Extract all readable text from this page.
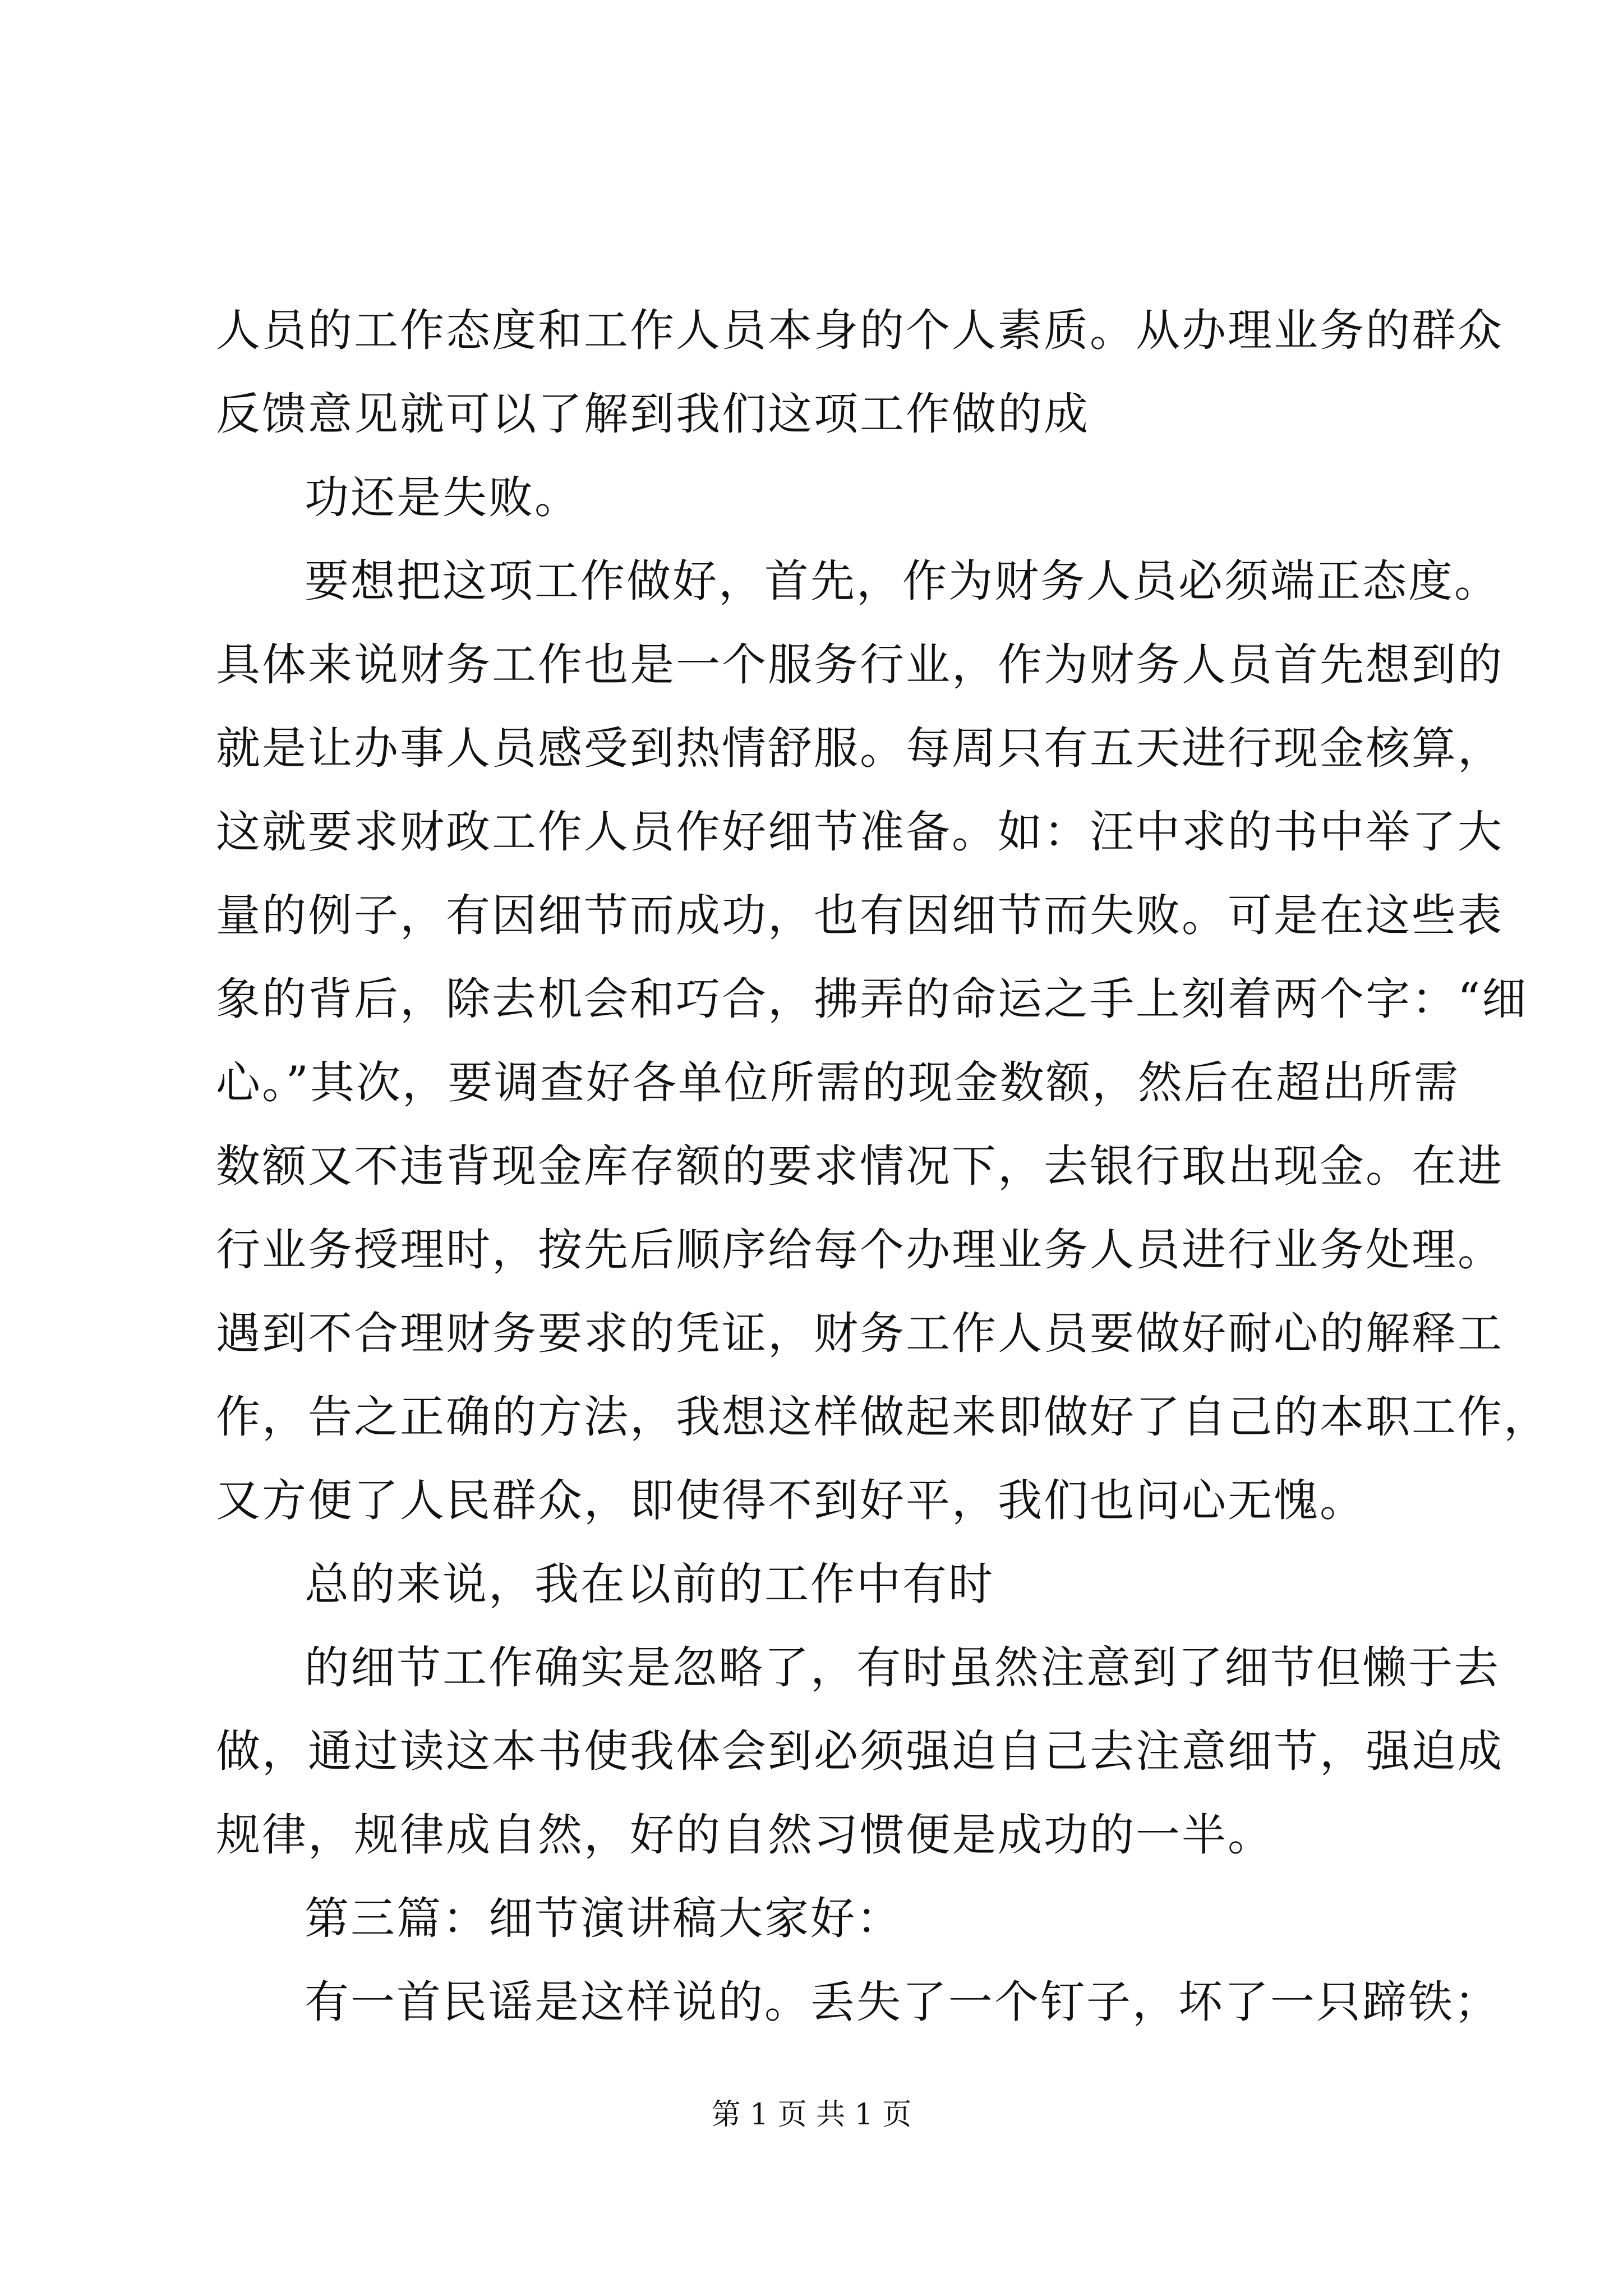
人员的工作态度和工作人员本身的个人素质。从办理业务的群众
反馈意见就可以了解到我们这项工作做的成
功还是失败。
要想把这项工作做好，首先，作为财务人员必须端正态度。
具体来说财务工作也是一个服务行业，作为财务人员首先想到的
就是让办事人员感受到热情舒服。每周只有五天进行现金核算，
这就要求财政工作人员作好细节准备。如：汪中求的书中举了大
量的例子，有因细节而成功，也有因细节而失败。可是在这些表
象的背后，除去机会和巧合，拂弄的命运之手上刻着两个字：“细
心。”其次，要调查好各单位所需的现金数额，然后在超出所需
数额又不违背现金库存额的要求情况下，去银行取出现金。在进
行业务授理时，按先后顺序给每个办理业务人员进行业务处理。
遇到不合理财务要求的凭证，财务工作人员要做好耐心的解释工
作，告之正确的方法，我想这样做起来即做好了自己的本职工作，
又方便了人民群众，即使得不到好平，我们也问心无愧。
总的来说，我在以前的工作中有时
的细节工作确实是忽略了，有时虽然注意到了细节但懒于去
做，通过读这本书使我体会到必须强迫自己去注意细节，强迫成
规律，规律成自然，好的自然习惯便是成功的一半。
第三篇：细节演讲稿大家好：
有一首民谣是这样说的。丢失了一个钉子，坏了一只蹄铁；
第 1 页 共 1 页
